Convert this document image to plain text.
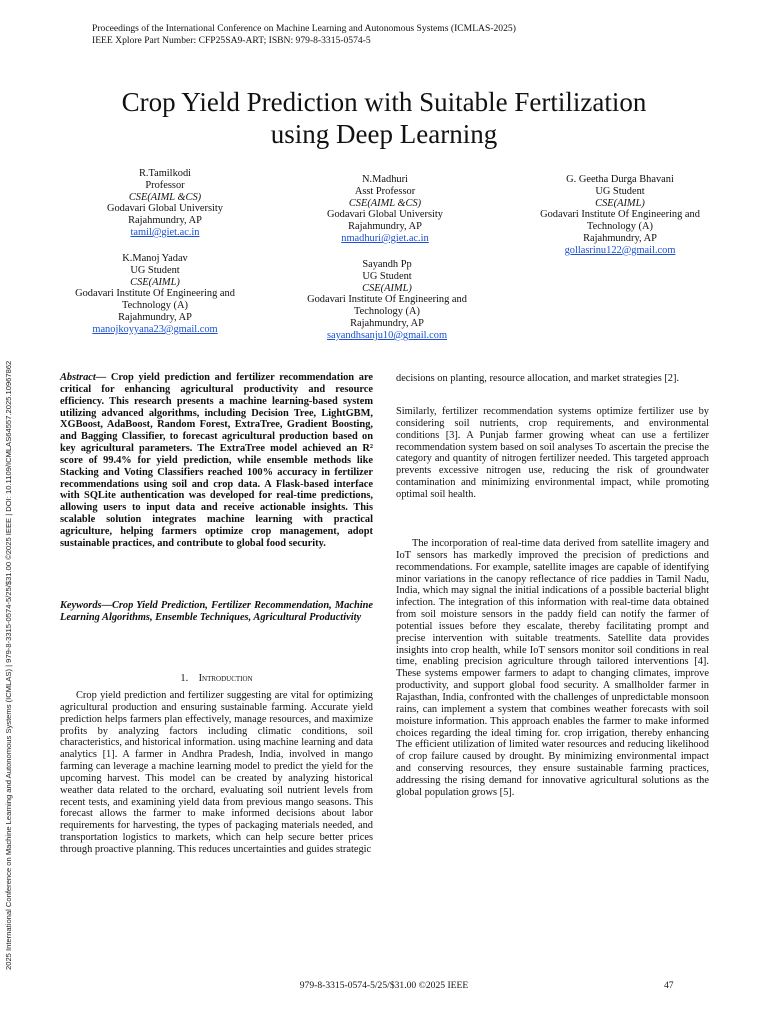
Proceedings of the International Conference on Machine Learning and Autonomous Systems (ICMLAS-2025)
IEEE Xplore Part Number: CFP25SA9-ART; ISBN: 979-8-3315-0574-5
Crop Yield Prediction with Suitable Fertilization
using Deep Learning
R.Tamilkodi
Professor
CSE(AIML &CS)
Godavari Global University
Rajahmundry, AP
tamil@giet.ac.in
N.Madhuri
Asst Professor
CSE(AIML &CS)
Godavari Global University
Rajahmundry, AP
nmadhuri@giet.ac.in
G. Geetha Durga Bhavani
UG Student
CSE(AIML)
Godavari Institute Of Engineering and
Technology (A)
Rajahmundry, AP
gollasrinu122@gmail.com
K.Manoj Yadav
UG Student
CSE(AIML)
Godavari Institute Of Engineering and
Technology (A)
Rajahmundry, AP
manojkoyyana23@gmail.com
Sayandh Pp
UG Student
CSE(AIML)
Godavari Institute Of Engineering and
Technology (A)
Rajahmundry, AP
sayandhsanju10@gmail.com
2025 International Conference on Machine Learning and Autonomous Systems (ICMLAS) | 979-8-3315-0574-5/25/$31.00 ©2025 IEEE | DOI: 10.1109/ICMLAS64557.2025.10967862	Abstract— Crop yield prediction and fertilizer recommendation are critical for enhancing agricultural productivity and resource efficiency. This research presents a machine learning-based system utilizing advanced algorithms, including Decision Tree, LightGBM, XGBoost, AdaBoost, Random Forest, ExtraTree, Gradient Boosting, and Bagging Classifier, to forecast agricultural production based on key agricultural parameters. The ExtraTree model achieved an R² score of 99.4% for yield prediction, while ensemble methods like Stacking and Voting Classifiers reached 100% accuracy in fertilizer recommendations using soil and crop data. A Flask-based interface with SQLite authentication was developed for real-time predictions, allowing users to input data and receive actionable insights. This scalable solution integrates machine learning with practical agriculture, helping farmers optimize crop management, adopt sustainable practices, and contribute to global food security.

Keywords—Crop Yield Prediction, Fertilizer Recommendation, Machine Learning Algorithms, Ensemble Techniques, Agricultural Productivity

1. Introduction

Crop yield prediction and fertilizer suggesting are vital for optimizing agricultural production and ensuring sustainable farming. Accurate yield prediction helps farmers plan effectively, manage resources, and maximize profits by analyzing factors including climatic conditions, soil characteristics, and historical information. using machine learning and data analytics [1]. A farmer in Andhra Pradesh, India, involved in mango farming can leverage a machine learning model to predict the yield for the upcoming harvest. This model can be created by analyzing historical weather data related to the orchard, evaluating soil nutrient levels from recent tests, and examining yield data from previous mango seasons. This forecast allows the farmer to make informed decisions about labor requirements for harvesting, the types of packaging materials needed, and transportation logistics to markets, which can help secure better prices through proactive planning. This reduces uncertainties and guides strategic

decisions on planting, resource allocation, and market strategies [2].

Similarly, fertilizer recommendation systems optimize fertilizer use by considering soil nutrients, crop requirements, and environmental conditions [3]. A Punjab farmer growing wheat can use a fertilizer recommendation system based on soil analyses To ascertain the precise the category and quantity of nitrogen fertilizer needed. This targeted approach prevents excessive nitrogen use, reducing the risk of groundwater contamination and minimizing environmental impact, while promoting optimal soil health.

The incorporation of real-time data derived from satellite imagery and IoT sensors has markedly improved the precision of predictions and recommendations. For example, satellite images are capable of identifying minor variations in the canopy reflectance of rice paddies in Tamil Nadu, India, which may signal the initial indications of a possible bacterial blight infection. The integration of this information with real-time data obtained from soil moisture sensors in the paddy field can notify the farmer of potential issues before they escalate, thereby facilitating prompt and precise intervention with suitable treatments. Satellite data provides insights into crop health, while IoT sensors monitor soil conditions in real time, enabling precision agriculture through tailored interventions [4]. These systems empower farmers to adapt to changing climates, improve productivity, and support global food security. A smallholder farmer in Rajasthan, India, confronted with the challenges of unpredictable monsoon rains, can implement a system that combines weather forecasts with soil moisture information. This approach enables the farmer to make informed choices regarding the ideal timing for. crop irrigation, thereby enhancing The efficient utilization of limited water resources and reducing likelihood of crop failure caused by drought. By minimizing environmental impact and conserving resources, they ensure sustainable farming practices, addressing the rising demand for innovative agricultural solutions as the global population grows [5].

979-8-3315-0574-5/25/$31.00 ©2025 IEEE	47
